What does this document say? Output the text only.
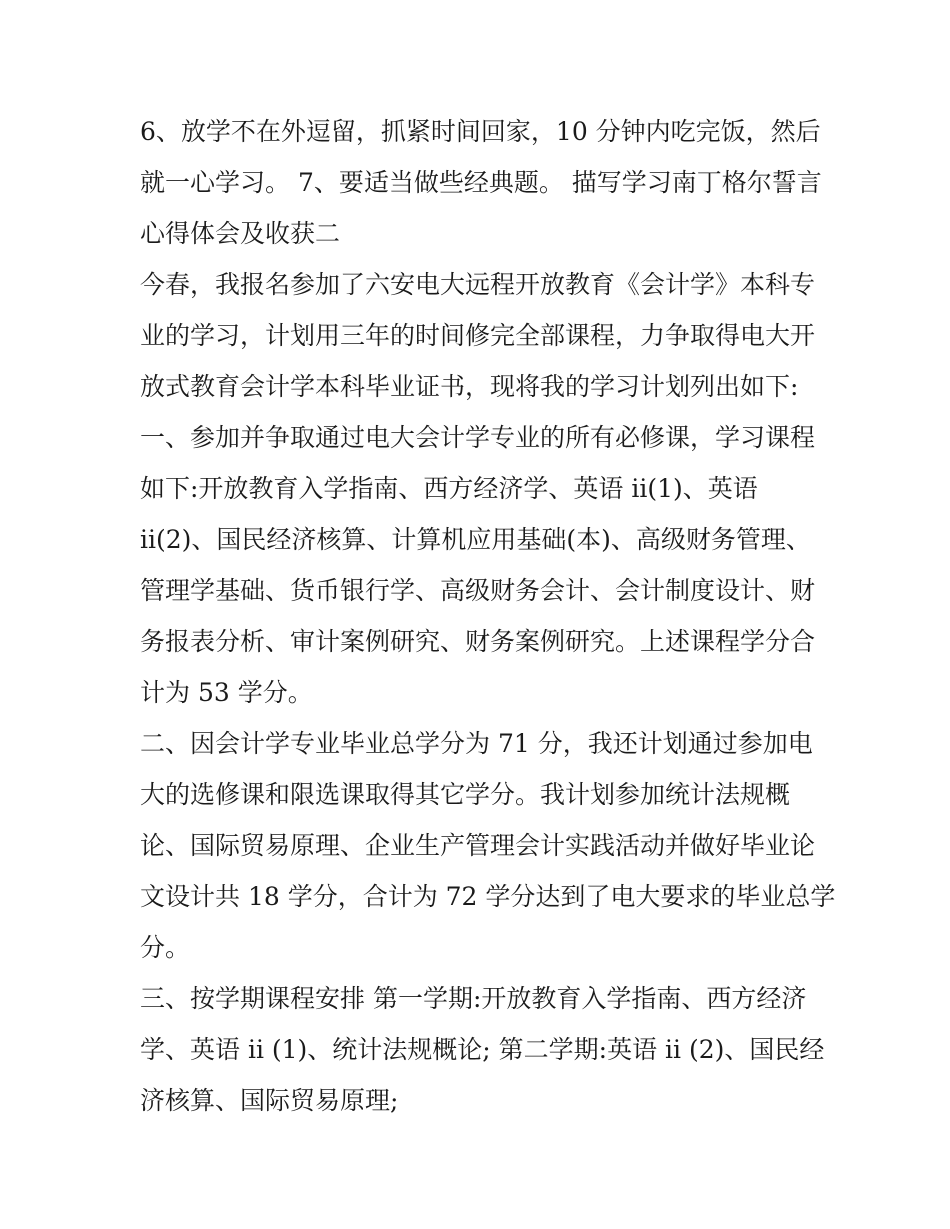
6、放学不在外逗留，抓紧时间回家，10 分钟内吃完饭，然后
就一心学习。 7、要适当做些经典题。 描写学习南丁格尔誓言
心得体会及收获二
今春，我报名参加了六安电大远程开放教育《会计学》本科专
业的学习，计划用三年的时间修完全部课程，力争取得电大开
放式教育会计学本科毕业证书，现将我的学习计划列出如下:
一、参加并争取通过电大会计学专业的所有必修课，学习课程
如下:开放教育入学指南、西方经济学、英语 ii(1)、英语
ii(2)、国民经济核算、计算机应用基础(本)、高级财务管理、
管理学基础、货币银行学、高级财务会计、会计制度设计、财
务报表分析、审计案例研究、财务案例研究。上述课程学分合
计为 53 学分。
二、因会计学专业毕业总学分为 71 分，我还计划通过参加电
大的选修课和限选课取得其它学分。我计划参加统计法规概
论、国际贸易原理、企业生产管理会计实践活动并做好毕业论
文设计共 18 学分，合计为 72 学分达到了电大要求的毕业总学
分。
三、按学期课程安排 第一学期:开放教育入学指南、西方经济
学、英语 ii (1)、统计法规概论; 第二学期:英语 ii (2)、国民经
济核算、国际贸易原理;
